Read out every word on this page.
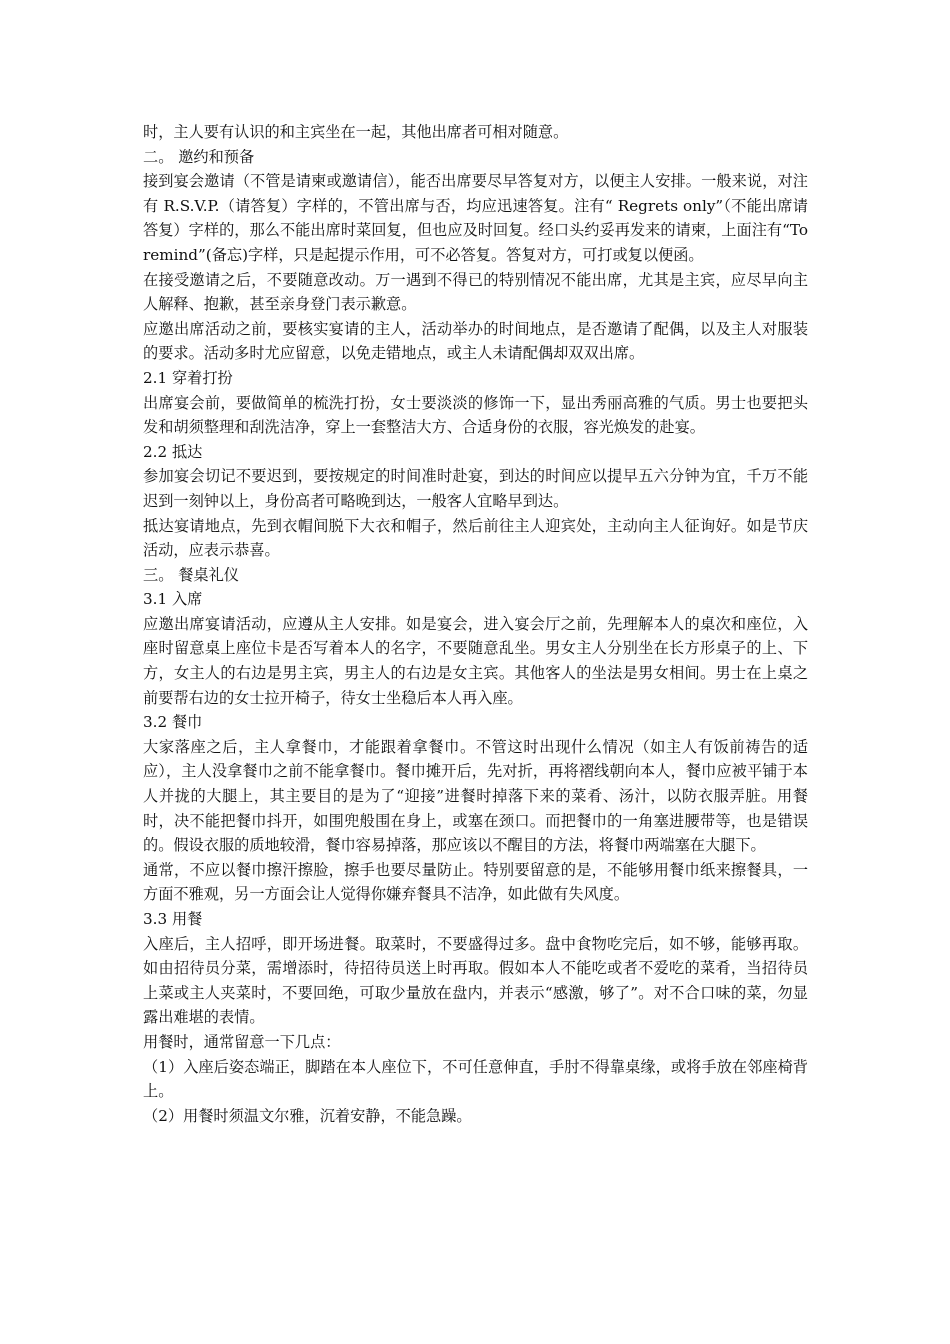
时，主人要有认识的和主宾坐在一起，其他出席者可相对随意。

二。 邀约和预备

接到宴会邀请（不管是请柬或邀请信），能否出席要尽早答复对方，以便主人安排。一般来说，对注有 R.S.V.P.（请答复）字样的，不管出席与否，均应迅速答复。注有“ Regrets only”（不能出席请答复）字样的，那么不能出席时菜回复，但也应及时回复。经口头约妥再发来的请柬，上面注有“To remind”(备忘)字样，只是起提示作用，可不必答复。答复对方，可打或复以便函。

在接受邀请之后，不要随意改动。万一遇到不得已的特别情况不能出席，尤其是主宾，应尽早向主人解释、抱歉，甚至亲身登门表示歉意。

应邀出席活动之前，要核实宴请的主人，活动举办的时间地点，是否邀请了配偶，以及主人对服装的要求。活动多时尤应留意，以免走错地点，或主人未请配偶却双双出席。

2.1 穿着打扮

出席宴会前，要做简单的梳洗打扮，女士要淡淡的修饰一下，显出秀丽高雅的气质。男士也要把头发和胡须整理和刮洗洁净，穿上一套整洁大方、合适身份的衣服，容光焕发的赴宴。

2.2 抵达

参加宴会切记不要迟到，要按规定的时间准时赴宴，到达的时间应以提早五六分钟为宜，千万不能迟到一刻钟以上，身份高者可略晚到达，一般客人宜略早到达。

抵达宴请地点，先到衣帽间脱下大衣和帽子，然后前往主人迎宾处，主动向主人征询好。如是节庆活动，应表示恭喜。

三。 餐桌礼仪

3.1 入席

应邀出席宴请活动，应遵从主人安排。如是宴会，进入宴会厅之前，先理解本人的桌次和座位，入座时留意桌上座位卡是否写着本人的名字，不要随意乱坐。男女主人分别坐在长方形桌子的上、下方，女主人的右边是男主宾，男主人的右边是女主宾。其他客人的坐法是男女相间。男士在上桌之前要帮右边的女士拉开椅子，待女士坐稳后本人再入座。

3.2 餐巾

大家落座之后，主人拿餐巾，才能跟着拿餐巾。不管这时出现什么情况（如主人有饭前祷告的适应），主人没拿餐巾之前不能拿餐巾。餐巾摊开后，先对折，再将褶线朝向本人，餐巾应被平铺于本人并拢的大腿上，其主要目的是为了“迎接”进餐时掉落下来的菜肴、汤汁，以防衣服弄脏。用餐时，决不能把餐巾抖开，如围兜般围在身上，或塞在颈口。而把餐巾的一角塞进腰带等，也是错误的。假设衣服的质地较滑，餐巾容易掉落，那应该以不醒目的方法，将餐巾两端塞在大腿下。

通常，不应以餐巾擦汗擦脸，擦手也要尽量防止。特别要留意的是，不能够用餐巾纸来擦餐具，一方面不雅观，另一方面会让人觉得你嫌弃餐具不洁净，如此做有失风度。

3.3 用餐

入座后，主人招呼，即开场进餐。取菜时，不要盛得过多。盘中食物吃完后，如不够，能够再取。如由招待员分菜，需增添时，待招待员送上时再取。假如本人不能吃或者不爱吃的菜肴，当招待员上菜或主人夹菜时，不要回绝，可取少量放在盘内，并表示“感激，够了”。对不合口味的菜，勿显露出难堪的表情。

用餐时，通常留意一下几点：

（1）入座后姿态端正，脚踏在本人座位下，不可任意伸直，手肘不得靠桌缘，或将手放在邻座椅背上。

（2）用餐时须温文尔雅，沉着安静，不能急躁。
